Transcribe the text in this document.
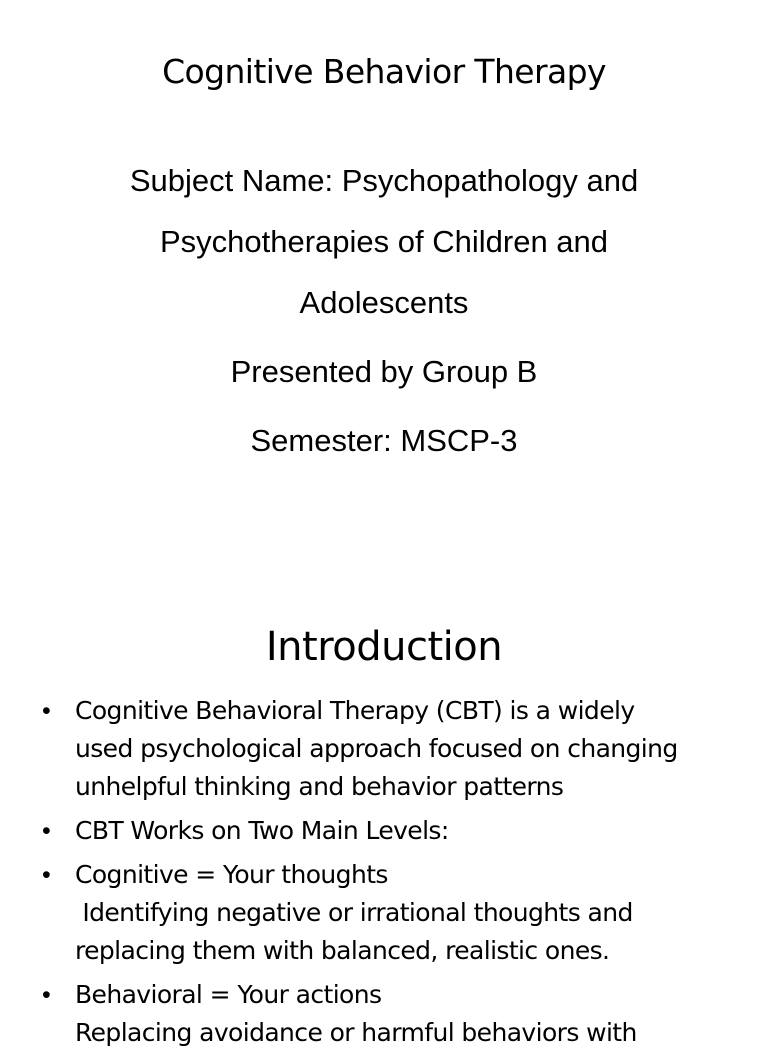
Cognitive Behavior Therapy
Subject Name: Psychopathology and
Psychotherapies of Children and
Adolescents
Presented by Group B
Semester: MSCP-3
Introduction
• Cognitive Behavioral Therapy (CBT) is a widely
used psychological approach focused on changing
unhelpful thinking and behavior patterns
• CBT Works on Two Main Levels:
• Cognitive = Your thoughts
Identifying negative or irrational thoughts and
replacing them with balanced, realistic ones.
• Behavioral = Your actions
Replacing avoidance or harmful behaviors with
